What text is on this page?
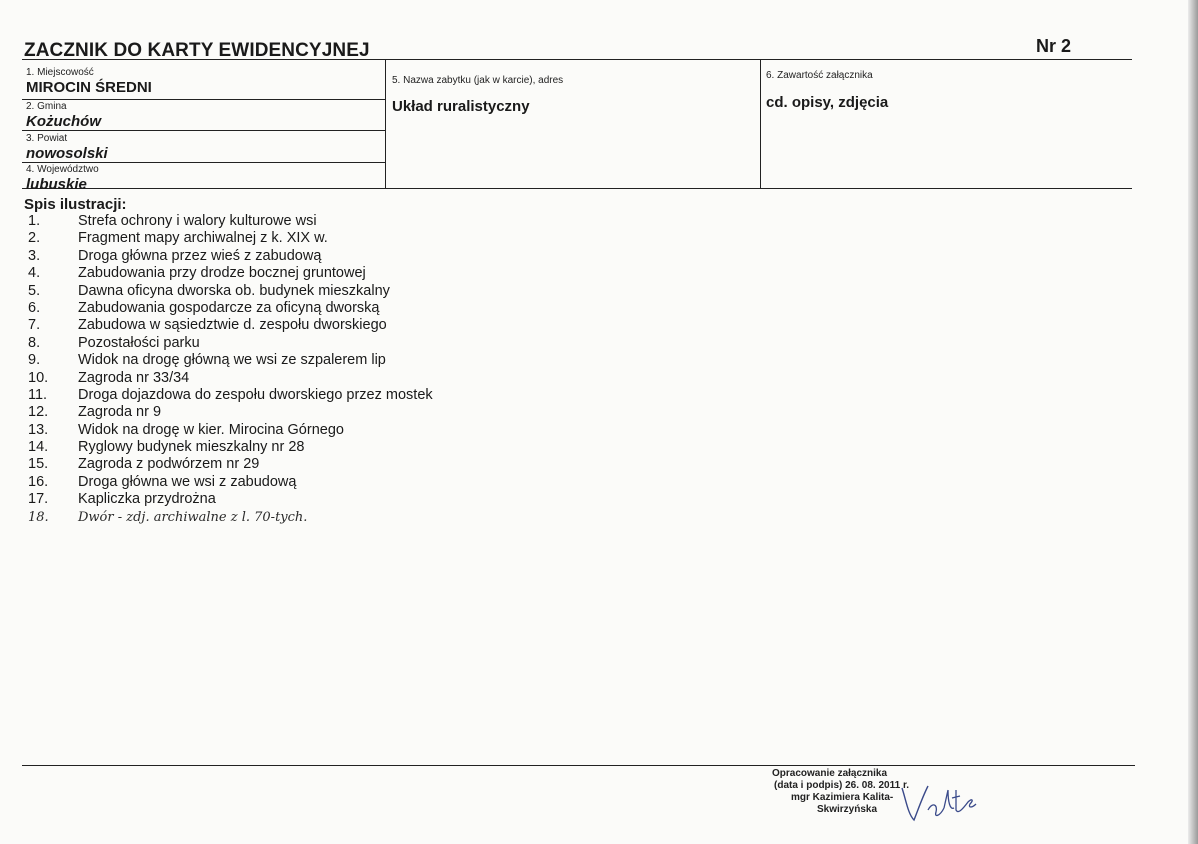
ZACZNIK DO KARTY EWIDENCYJNEJ	Nr 2
1. Miejscowość
MIROCIN ŚREDNI
2. Gmina
Kożuchów
3. Powiat
nowosolski
4. Województwo
lubuskie
5. Nazwa zabytku (jak w karcie), adres
Układ ruralistyczny
6. Zawartość załącznika
cd. opisy, zdjęcia
Spis ilustracji:
1.	Strefa ochrony i walory kulturowe wsi
2.	Fragment mapy archiwalnej z k. XIX w.
3.	Droga główna przez wieś z zabudową
4.	Zabudowania przy drodze bocznej gruntowej
5.	Dawna oficyna dworska ob. budynek mieszkalny
6.	Zabudowania gospodarcze za oficyną dworską
7.	Zabudowa w sąsiedztwie d. zespołu dworskiego
8.	Pozostałości parku
9.	Widok na drogę główną we wsi ze szpalerem lip
10. Zagroda nr 33/34
11. Droga dojazdowa do zespołu dworskiego przez mostek
12. Zagroda nr 9
13. Widok na drogę w kier. Mirocina Górnego
14. Ryglowy budynek mieszkalny nr 28
15. Zagroda z podwórzem nr 29
16. Droga główna we wsi z zabudową
17. Kapliczka przydrożna
18. Dwór - zdj. archiwalne z l. 70-tych.
Opracowanie załącznika
(data i podpis) 26. 08. 2011 r.
mgr Kazimiera Kalita-
Skwirzyńska
